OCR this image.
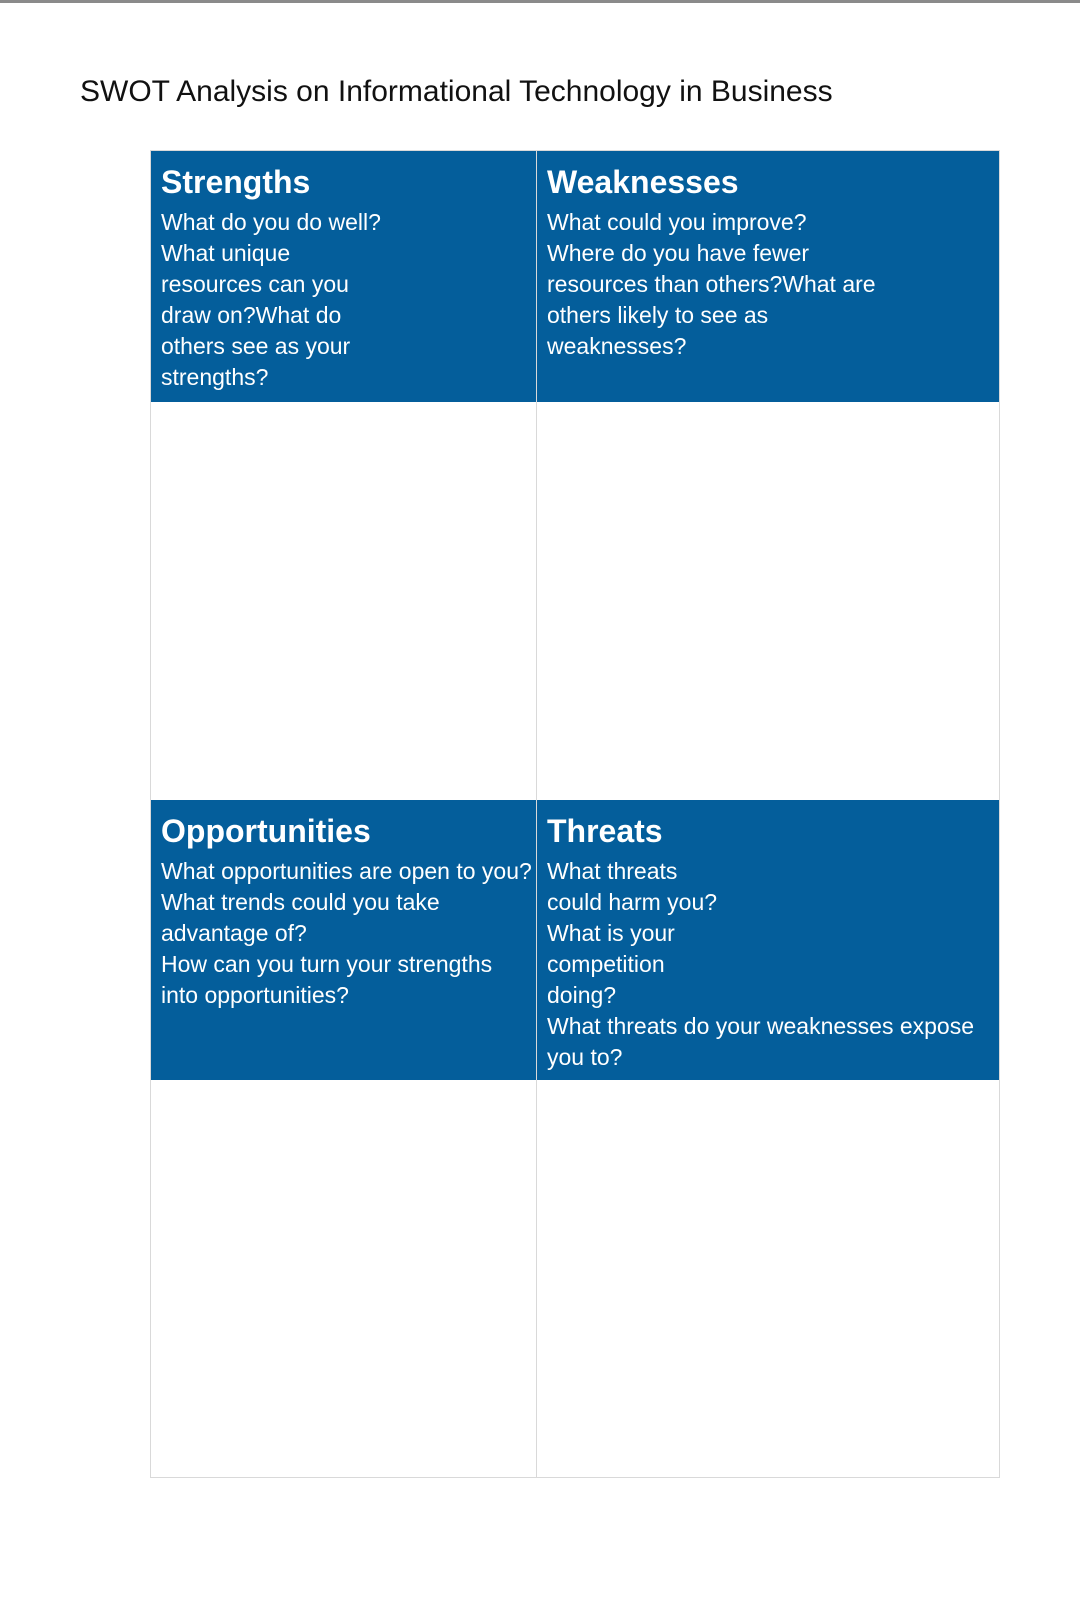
SWOT Analysis on Informational Technology in Business
Strengths
What do you do well?
What unique
resources can you
draw on?What do
others see as your
strengths?
Weaknesses
What could you improve?
Where do you have fewer
resources than others?What are
others likely to see as
weaknesses?
Opportunities
What opportunities are open to you?
What trends could you take
advantage of?
How can you turn your strengths
into opportunities?
Threats
What threats
could harm you?
What is your
competition
doing?
What threats do your weaknesses expose
you to?
